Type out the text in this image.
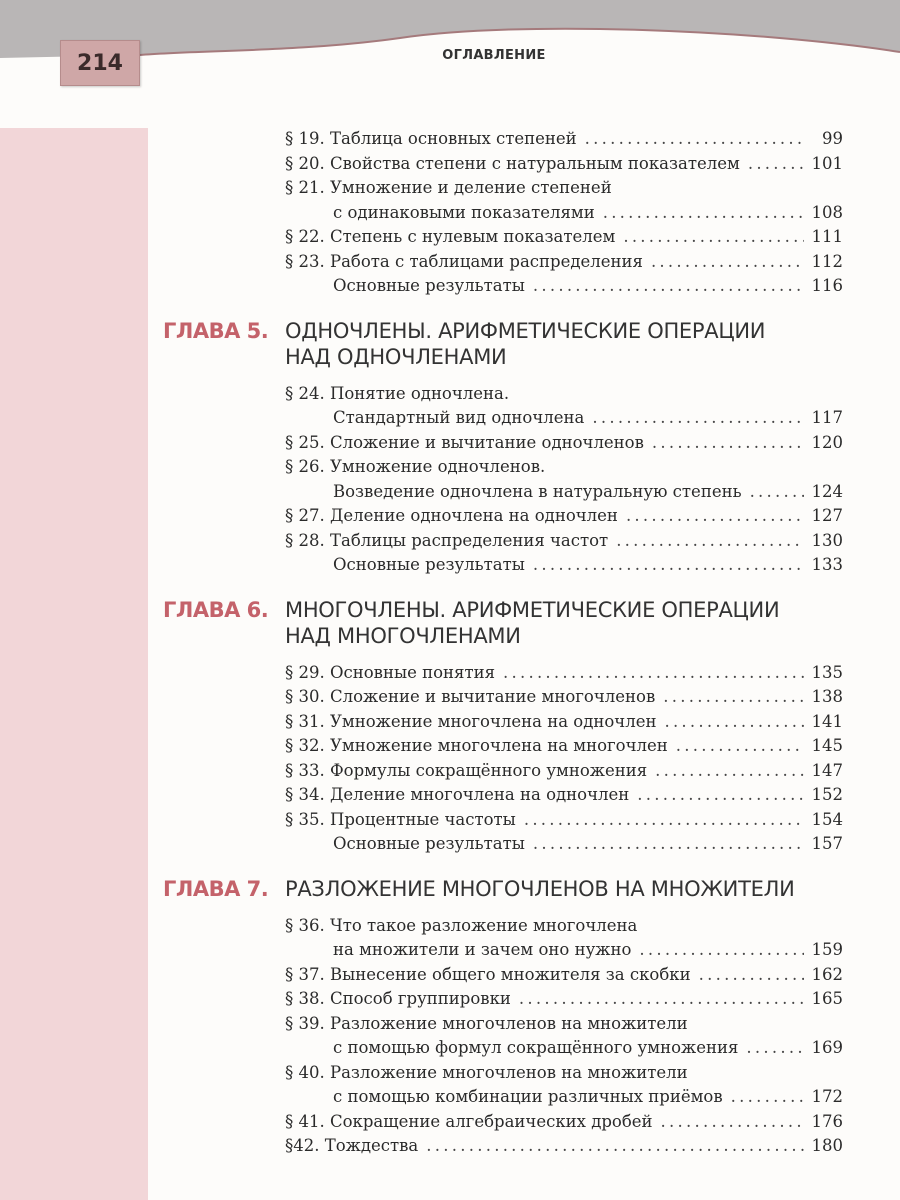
214	ОГЛАВЛЕНИЕ
§ 19. Таблица основных степеней . . .	99
§ 20. Свойства степени с натуральным показателем . . .	101
§ 21. Умножение и деление степеней
с одинаковыми показателями . . .	108
§ 22. Степень с нулевым показателем . . .	111
§ 23. Работа с таблицами распределения . . .	112
Основные результаты . . .	116
ГЛАВА 5. ОДНОЧЛЕНЫ. АРИФМЕТИЧЕСКИЕ ОПЕРАЦИИ
НАД ОДНОЧЛЕНАМИ
§ 24. Понятие одночлена.
Стандартный вид одночлена . . .	117
§ 25. Сложение и вычитание одночленов . . .	120
§ 26. Умножение одночленов.
Возведение одночлена в натуральную степень . . .	124
§ 27. Деление одночлена на одночлен . . .	127
§ 28. Таблицы распределения частот . . .	130
Основные результаты . . .	133
ГЛАВА 6. МНОГОЧЛЕНЫ. АРИФМЕТИЧЕСКИЕ ОПЕРАЦИИ
НАД МНОГОЧЛЕНАМИ
§ 29. Основные понятия . . .	135
§ 30. Сложение и вычитание многочленов . . .	138
§ 31. Умножение многочлена на одночлен . . .	141
§ 32. Умножение многочлена на многочлен . . .	145
§ 33. Формулы сокращённого умножения . . .	147
§ 34. Деление многочлена на одночлен . . .	152
§ 35. Процентные частоты . . .	154
Основные результаты . . .	157
ГЛАВА 7. РАЗЛОЖЕНИЕ МНОГОЧЛЕНОВ НА МНОЖИТЕЛИ
§ 36. Что такое разложение многочлена
на множители и зачем оно нужно . . .	159
§ 37. Вынесение общего множителя за скобки . . .	162
§ 38. Способ группировки . . .	165
§ 39. Разложение многочленов на множители
с помощью формул сокращённого умножения . . .	169
§ 40. Разложение многочленов на множители
с помощью комбинации различных приёмов . . .	172
§ 41. Сокращение алгебраических дробей . . .	176
§42. Тождества . . .	180
